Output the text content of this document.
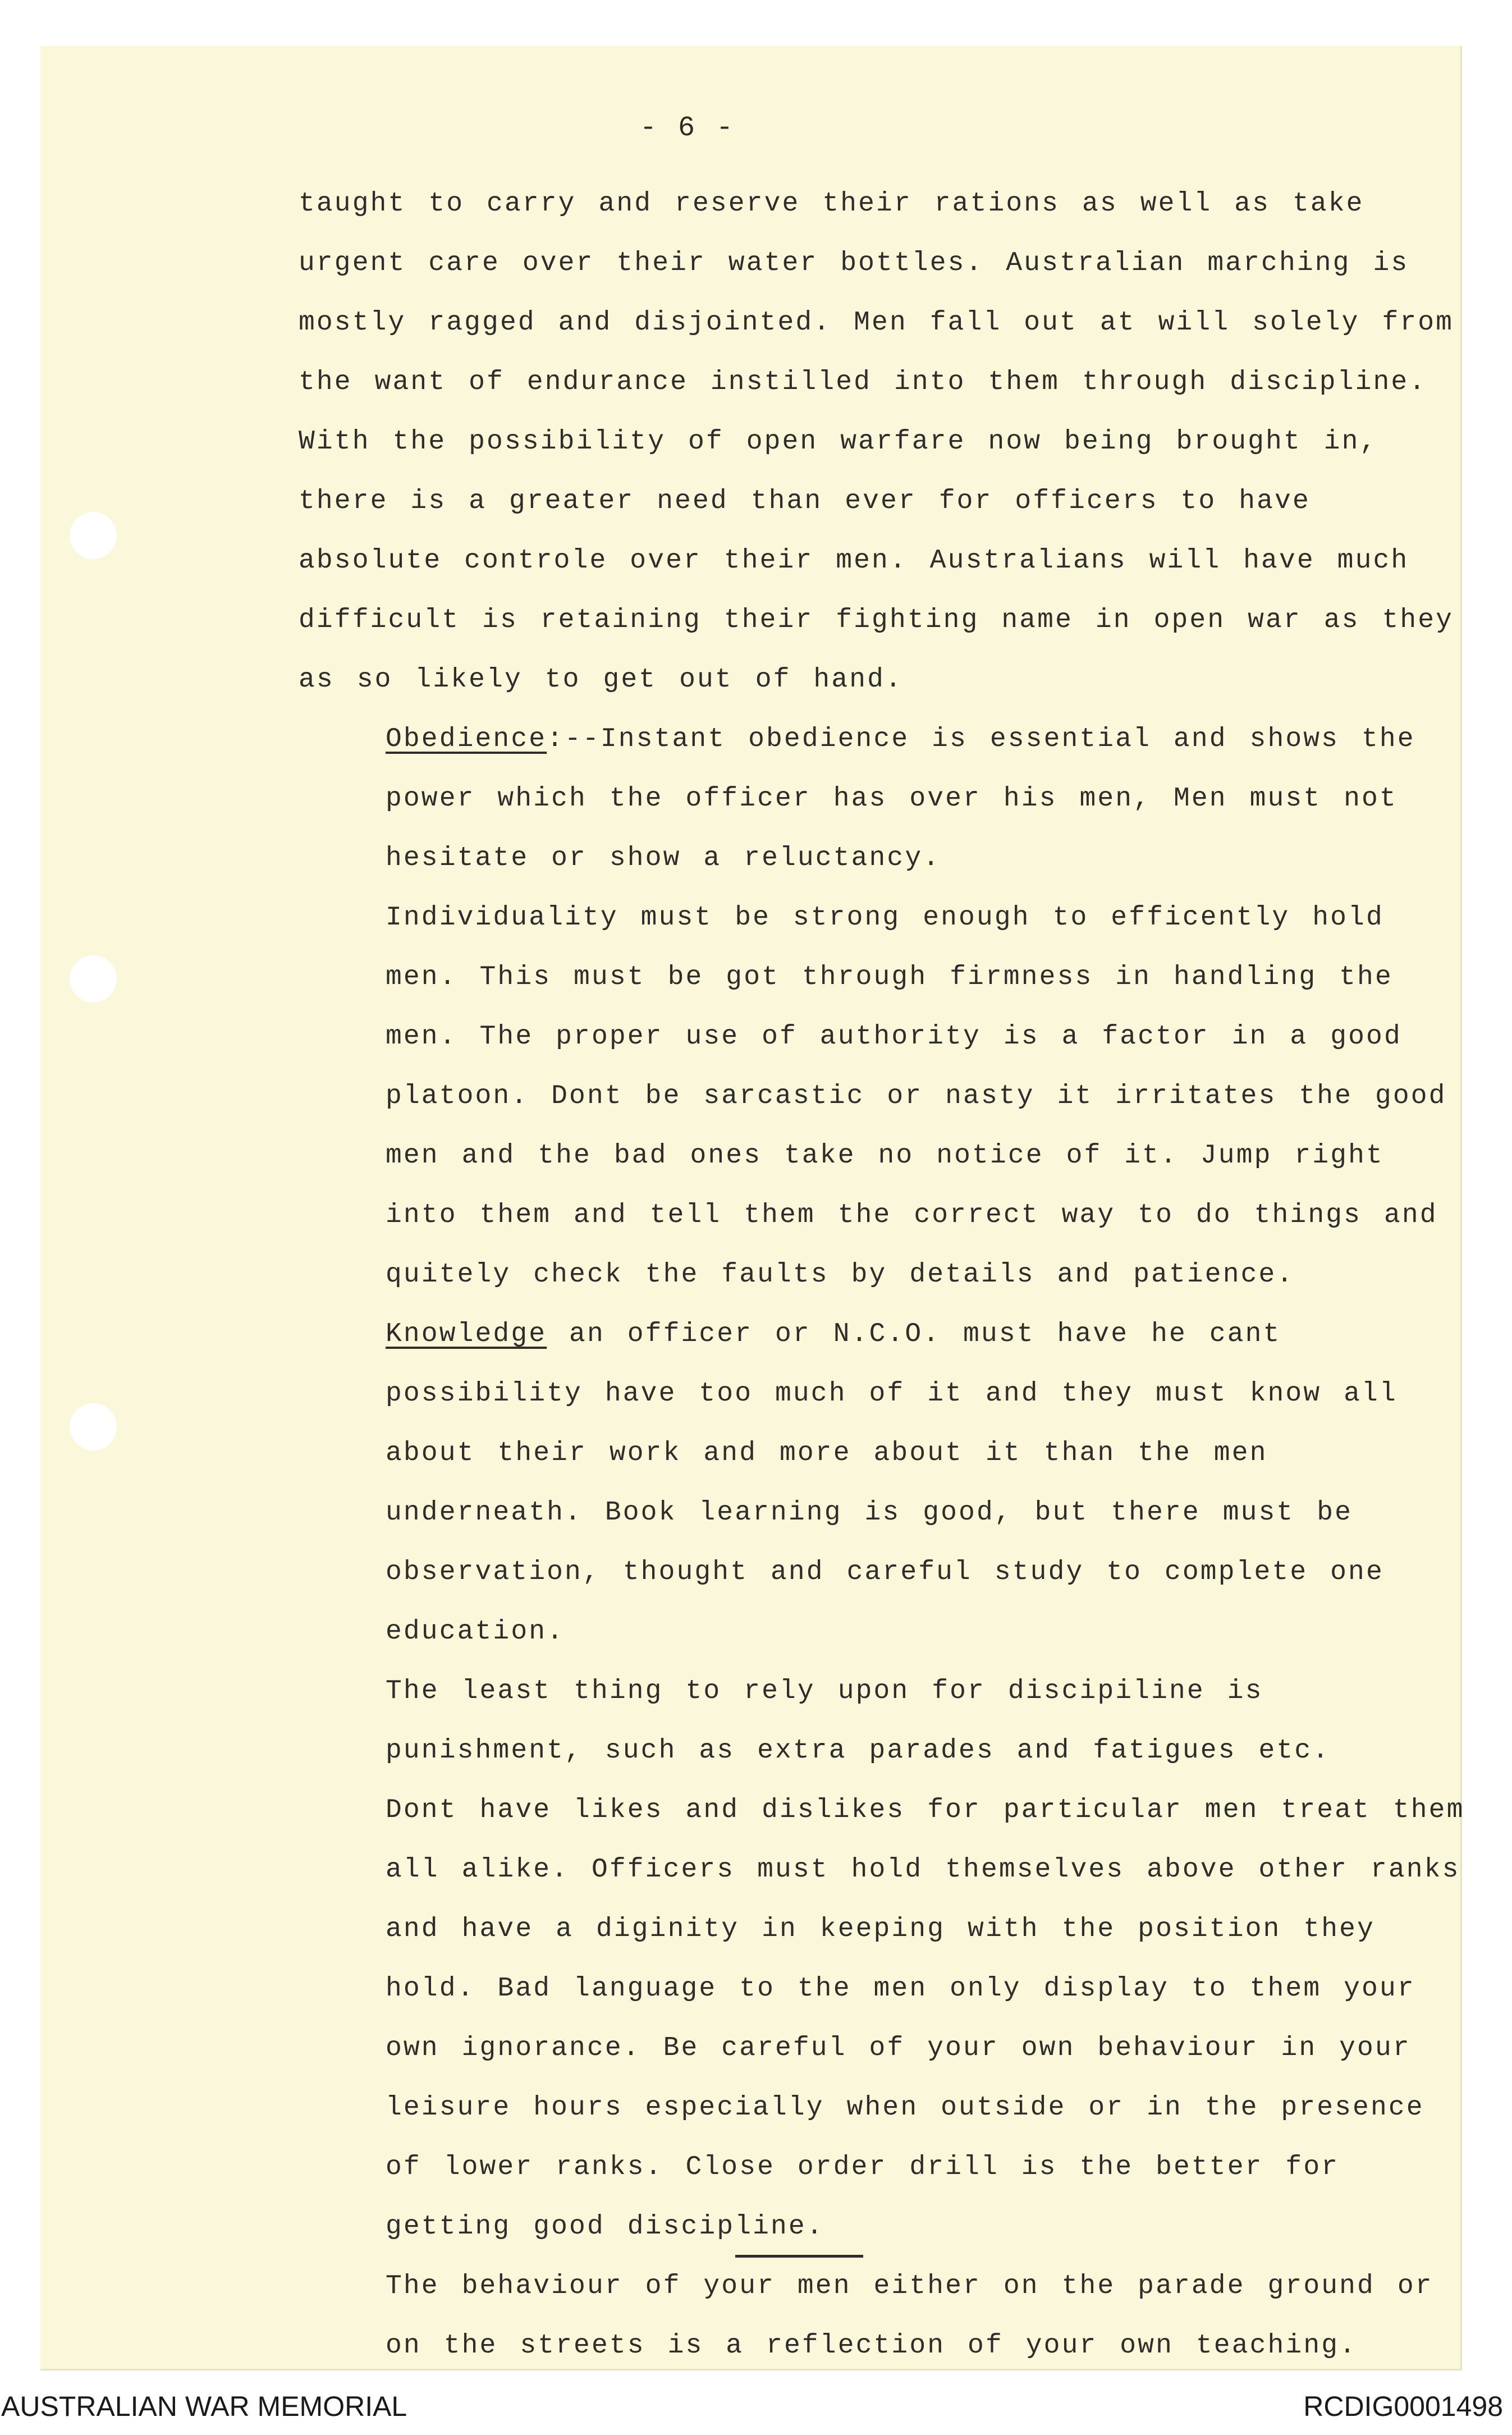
- 6 -

taught to carry and reserve their rations as well as take urgent care over their water bottles. Australian marching is mostly ragged and disjointed. Men fall out at will solely from the want of endurance instilled into them through discipline. With the possibility of open warfare now being brought in, there is a greater need than ever for officers to have absolute controle over their men. Australians will have much difficult is retaining their fighting name in open war as they as so likely to get out of hand.

Obedience:--Instant obedience is essential and shows the power which the officer has over his men, Men must not hesitate or show a reluctancy.

Individuality must be strong enough to efficently hold men. This must be got through firmness in handling the men. The proper use of authority is a factor in a good platoon. Dont be sarcastic or nasty it irritates the good men and the bad ones take no notice of it. Jump right into them and tell them the correct way to do things and quitely check the faults by details and patience.

Knowledge an officer or N.C.O. must have he cant possibility have too much of it and they must know all about their work and more about it than the men underneath. Book learning is good, but there must be observation, thought and careful study to complete one education.

The least thing to rely upon for discipiline is punishment, such as extra parades and fatigues etc.

Dont have likes and dislikes for particular men treat them all alike. Officers must hold themselves above other ranks and have a diginity in keeping with the position they hold. Bad language to the men only display to them your own ignorance. Be careful of your own behaviour in your leisure hours especially when outside or in the presence of lower ranks. Close order drill is the better for getting good discipline.

The behaviour of your men either on the parade ground or on the streets is a reflection of your own teaching.

AUSTRALIAN WAR MEMORIAL	RCDIG0001498
